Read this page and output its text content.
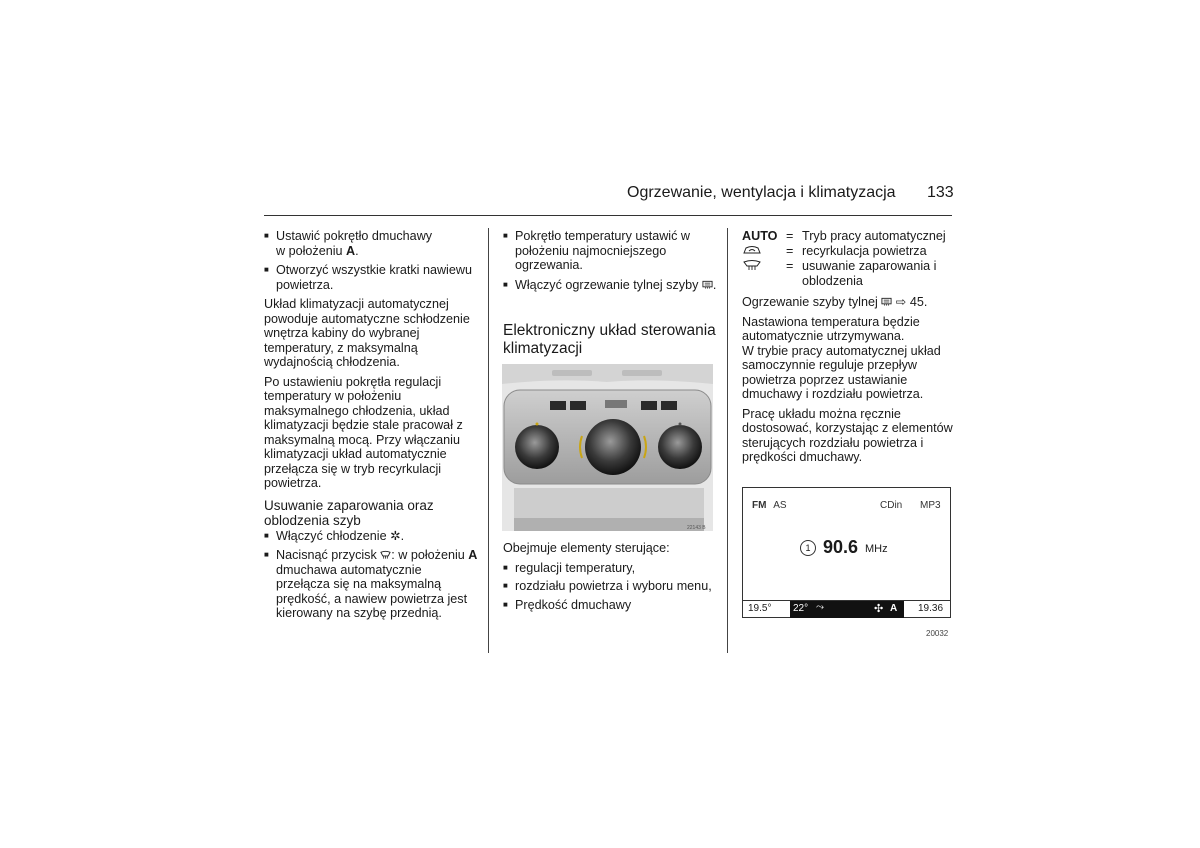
Ogrzewanie, wentylacja i klimatyzacja 133
■ Ustawić pokrętło dmuchawy
w położeniu A.
■ Otworzyć wszystkie kratki nawiewu powietrza.

Układ klimatyzacji automatycznej powoduje automatyczne schłodzenie wnętrza kabiny do wybranej temperatury, z maksymalną wydajnością chłodzenia.

Po ustawieniu pokrętła regulacji temperatury w położeniu maksymalnego chłodzenia, układ klimatyzacji będzie stale pracował z maksymalną mocą. Przy włączaniu klimatyzacji układ automatycznie przełącza się w tryb recyrkulacji powietrza.

Usuwanie zaparowania oraz oblodzenia szyb
■ Włączyć chłodzenie ✲.
■ Nacisnąć przycisk : w położeniu A dmuchawa automatycznie przełącza się na maksymalną prędkość, a nawiew powietrza jest kierowany na szybę przednią.
■ Pokrętło temperatury ustawić w położeniu najmocniejszego ogrzewania.
■ Włączyć ogrzewanie tylnej szyby .
Elektroniczny układ sterowania klimatyzacji
22143 B

Obejmuje elementy sterujące:

■ regulacji temperatury,
■ rozdziału powietrza i wyboru menu,
■ Prędkość dmuchawy
AUTO = Tryb pracy automatycznej
= recyrkulacja powietrza
= usuwanie zaparowania i oblodzenia

Ogrzewanie szyby tylnej  ⇨ 45.

Nastawiona temperatura będzie automatycznie utrzymywana.

W trybie pracy automatycznej układ samoczynnie reguluje przepływ powietrza poprzez ustawianie dmuchawy i rozdziału powietrza.

Pracę układu można ręcznie dostosować, korzystając z elementów sterujących rozdziału powietrza i prędkości dmuchawy.

FM AS	CDin MP3
1 90.6 MHz
19.5° 22° ⤳	✣ A 19.36
20032
